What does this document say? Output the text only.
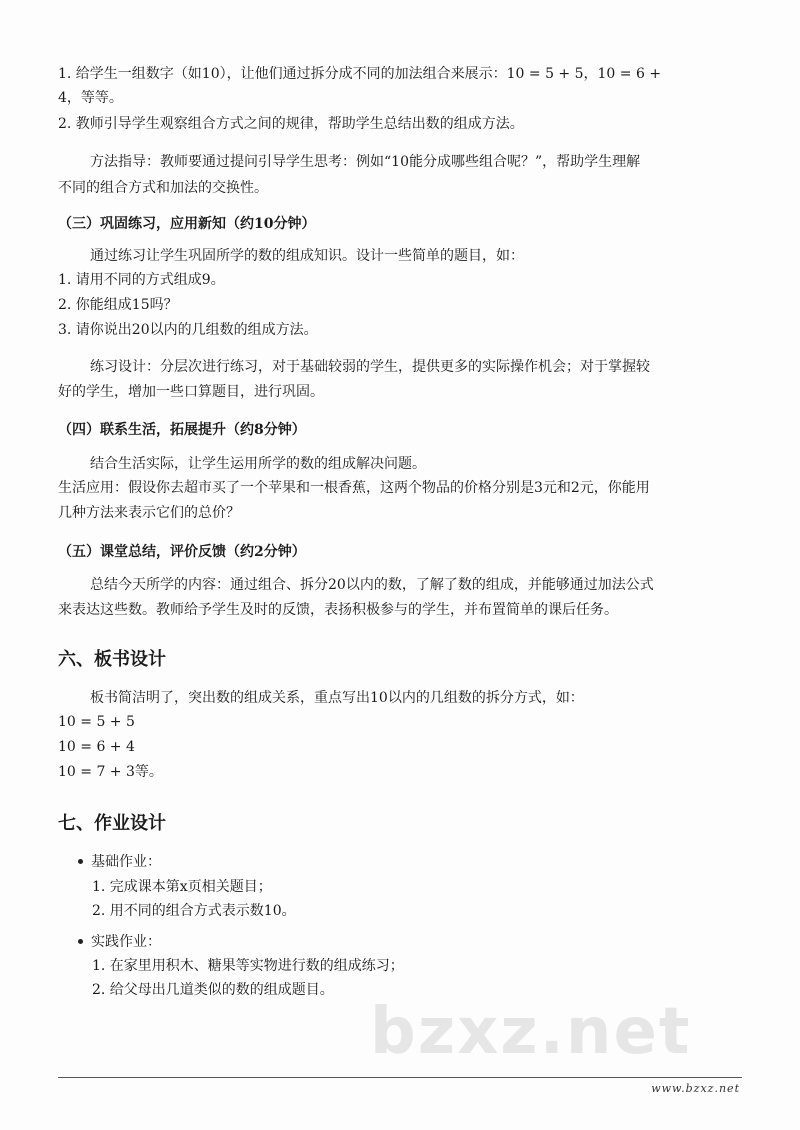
1. 给学生一组数字（如10），让他们通过拆分成不同的加法组合来展示：10 = 5 + 5，10 = 6 +
4，等等。
2. 教师引导学生观察组合方式之间的规律，帮助学生总结出数的组成方法。
方法指导：教师要通过提问引导学生思考：例如“10能分成哪些组合呢？”，帮助学生理解
不同的组合方式和加法的交换性。
（三）巩固练习，应用新知（约10分钟）
通过练习让学生巩固所学的数的组成知识。设计一些简单的题目，如：
1. 请用不同的方式组成9。
2. 你能组成15吗？
3. 请你说出20以内的几组数的组成方法。
练习设计：分层次进行练习，对于基础较弱的学生，提供更多的实际操作机会；对于掌握较
好的学生，增加一些口算题目，进行巩固。
（四）联系生活，拓展提升（约8分钟）
结合生活实际，让学生运用所学的数的组成解决问题。
生活应用：假设你去超市买了一个苹果和一根香蕉，这两个物品的价格分别是3元和2元，你能用
几种方法来表示它们的总价？
（五）课堂总结，评价反馈（约2分钟）
总结今天所学的内容：通过组合、拆分20以内的数，了解了数的组成，并能够通过加法公式
来表达这些数。教师给予学生及时的反馈，表扬积极参与的学生，并布置简单的课后任务。
六、板书设计
板书简洁明了，突出数的组成关系，重点写出10以内的几组数的拆分方式，如：
10 = 5 + 5
10 = 6 + 4
10 = 7 + 3等。
七、作业设计
基础作业：
1. 完成课本第x页相关题目；
2. 用不同的组合方式表示数10。
实践作业：
1. 在家里用积木、糖果等实物进行数的组成练习；
2. 给父母出几道类似的数的组成题目。
bzxz.net
www.bzxz.net
